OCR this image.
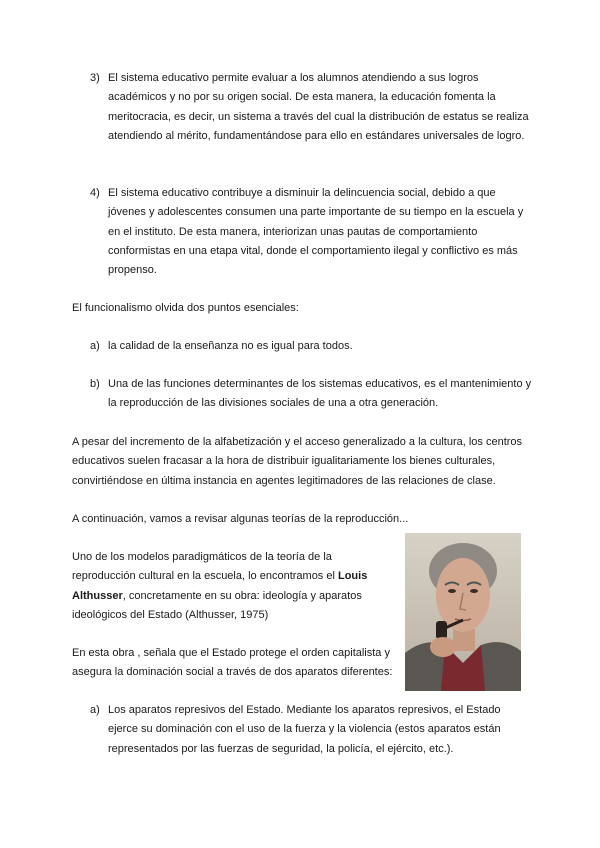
3) El sistema educativo permite evaluar a los alumnos atendiendo a sus logros académicos y no por su origen social. De esta manera, la educación fomenta la meritocracia, es decir, un sistema a través del cual la distribución de estatus se realiza atendiendo al mérito, fundamentándose para ello en estándares universales de logro.
4) El sistema educativo contribuye a disminuir la delincuencia social, debido a que jóvenes y adolescentes consumen una parte importante de su tiempo en la escuela y en el instituto. De esta manera, interiorizan unas pautas de comportamiento conformistas en una etapa vital, donde el comportamiento ilegal y conflictivo es más propenso.
El funcionalismo olvida dos puntos esenciales:
a) la calidad de la enseñanza no es igual para todos.
b) Una de las funciones determinantes de los sistemas educativos, es el mantenimiento y la reproducción de las divisiones sociales de una a otra generación.
A pesar del incremento de la alfabetización y el acceso generalizado a la cultura, los centros educativos suelen fracasar a la hora de distribuir igualitariamente los bienes culturales, convirtiéndose en última instancia en agentes legitimadores de las relaciones de clase.
A continuación, vamos a revisar algunas teorías de la reproducción...
Uno de los modelos paradigmáticos de la teoría de la reproducción cultural en la escuela, lo encontramos el Louis Althusser, concretamente en su obra: ideología y aparatos ideológicos del Estado (Althusser, 1975)
En esta obra , señala que el Estado protege el orden capitalista y asegura la dominación social a través de dos aparatos diferentes:
a) Los aparatos represivos del Estado. Mediante los aparatos represivos, el Estado ejerce su dominación con el uso de la fuerza y la violencia (estos aparatos están representados por las fuerzas de seguridad, la policía, el ejército, etc.).
